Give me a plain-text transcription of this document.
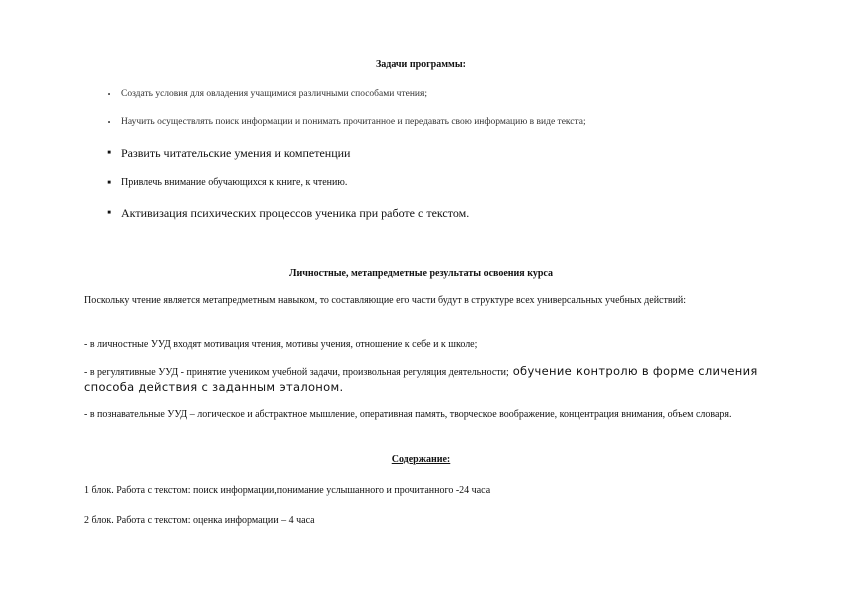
Задачи программы:
•	Создать условия для овладения учащимися различными способами чтения;
•	Научить осуществлять поиск информации и понимать прочитанное и передавать свою информацию в виде текста;
■ Развить читательские умения и компетенции
■	Привлечь внимание обучающихся к книге, к чтению.
■ Активизация психических процессов ученика при работе с текстом.
Личностные, метапредметные результаты освоения курса

Поскольку чтение является метапредметным навыком, то составляющие его части будут в структуре всех универсальных учебных действий:

- в личностные УУД входят мотивация чтения, мотивы учения, отношение к себе и к школе;

- в регулятивные УУД - принятие учеником учебной задачи, произвольная регуляция деятельности; обучение контролю в форме сличения способа действия с заданным эталоном.

- в познавательные УУД – логическое и абстрактное мышление, оперативная память, творческое воображение, концентрация внимания, объем словаря.

Содержание:
1 блок. Работа с текстом: поиск информации,понимание услышанного и прочитанного -24 часа
2 блок. Работа с текстом: оценка информации – 4 часа
